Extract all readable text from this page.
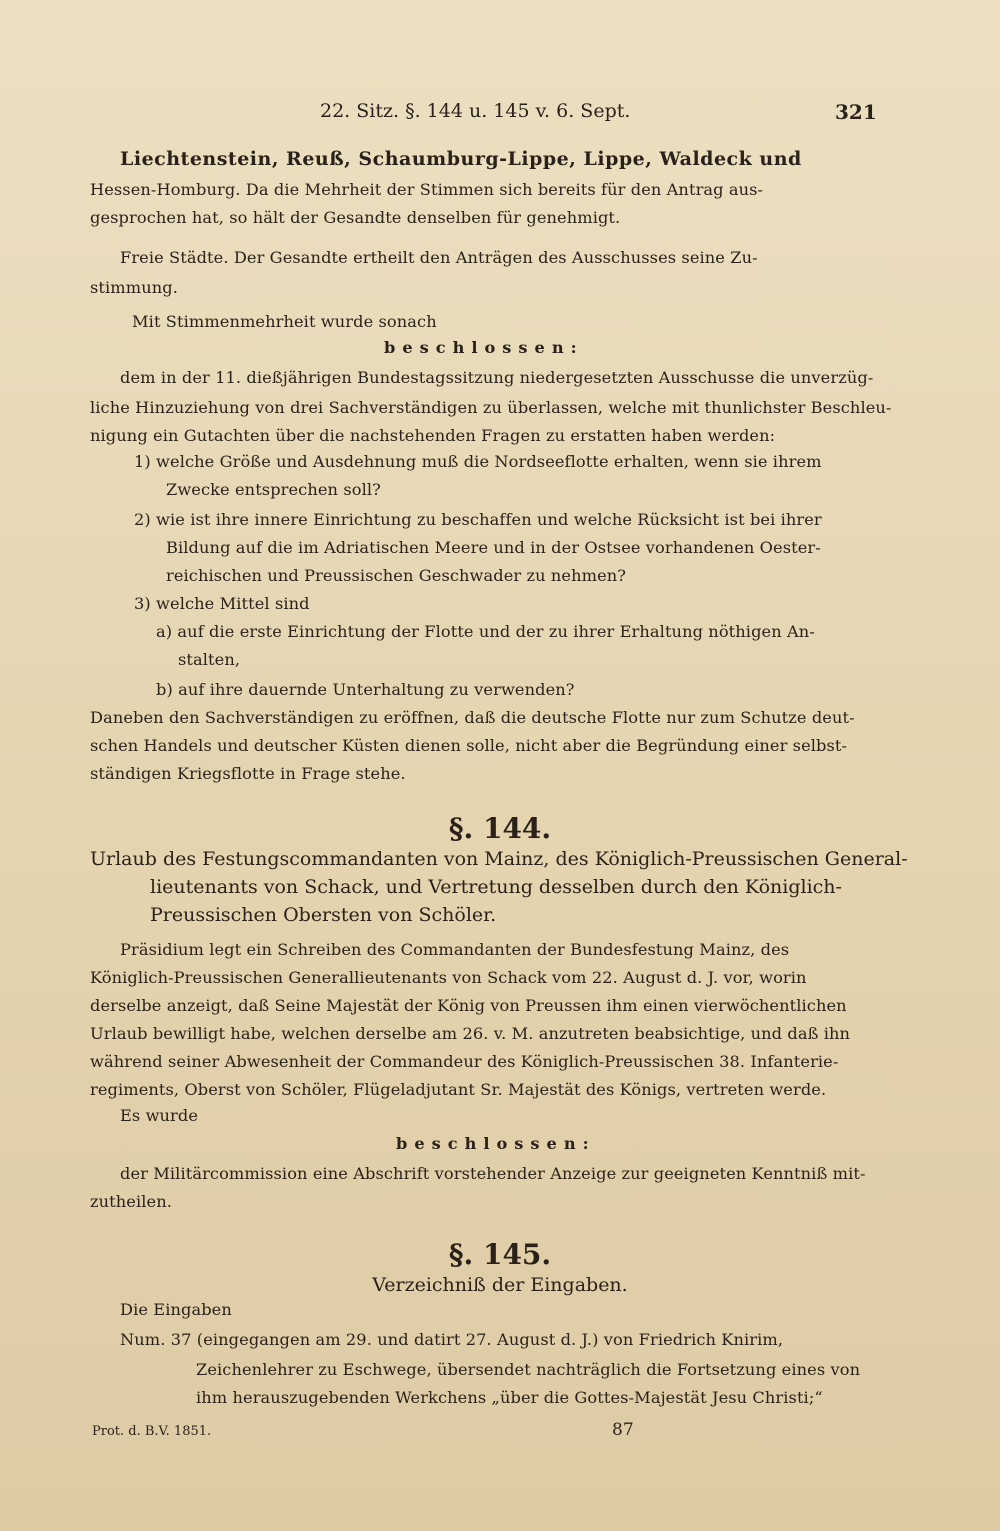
22. Sitz. §. 144 u. 145 v. 6. Sept.	321
Liechtenstein, Reuß, Schaumburg-Lippe, Lippe, Waldeck und
Hessen-Homburg. Da die Mehrheit der Stimmen sich bereits für den Antrag aus-
gesprochen hat, so hält der Gesandte denselben für genehmigt.
Freie Städte. Der Gesandte ertheilt den Anträgen des Ausschusses seine Zu-
stimmung.
Mit Stimmenmehrheit wurde sonach
beschlossen:
dem in der 11. dießjährigen Bundestagssitzung niedergesetzten Ausschusse die unverzüg-
liche Hinzuziehung von drei Sachverständigen zu überlassen, welche mit thunlichster Beschleu-
nigung ein Gutachten über die nachstehenden Fragen zu erstatten haben werden:
1) welche Größe und Ausdehnung muß die Nordseeflotte erhalten, wenn sie ihrem
Zwecke entsprechen soll?
2) wie ist ihre innere Einrichtung zu beschaffen und welche Rücksicht ist bei ihrer
Bildung auf die im Adriatischen Meere und in der Ostsee vorhandenen Oester-
reichischen und Preussischen Geschwader zu nehmen?
3) welche Mittel sind
a) auf die erste Einrichtung der Flotte und der zu ihrer Erhaltung nöthigen An-
stalten,
b) auf ihre dauernde Unterhaltung zu verwenden?
Daneben den Sachverständigen zu eröffnen, daß die deutsche Flotte nur zum Schutze deut-
schen Handels und deutscher Küsten dienen solle, nicht aber die Begründung einer selbst-
ständigen Kriegsflotte in Frage stehe.
§. 144.
Urlaub des Festungscommandanten von Mainz, des Königlich-Preussischen General-
lieutenants von Schack, und Vertretung desselben durch den Königlich-
Preussischen Obersten von Schöler.
Präsidium legt ein Schreiben des Commandanten der Bundesfestung Mainz, des
Königlich-Preussischen Generallieutenants von Schack vom 22. August d. J. vor, worin
derselbe anzeigt, daß Seine Majestät der König von Preussen ihm einen vierwöchentlichen
Urlaub bewilligt habe, welchen derselbe am 26. v. M. anzutreten beabsichtige, und daß ihn
während seiner Abwesenheit der Commandeur des Königlich-Preussischen 38. Infanterie-
regiments, Oberst von Schöler, Flügeladjutant Sr. Majestät des Königs, vertreten werde.
Es wurde
beschlossen:
der Militärcommission eine Abschrift vorstehender Anzeige zur geeigneten Kenntniß mit-
zutheilen.
§. 145.
Verzeichniß der Eingaben.
Die Eingaben
Num. 37 (eingegangen am 29. und datirt 27. August d. J.) von Friedrich Knirim,
Zeichenlehrer zu Eschwege, übersendet nachträglich die Fortsetzung eines von
ihm herauszugebenden Werkchens „über die Gottes-Majestät Jesu Christi;“
Prot. d. B.V. 1851.	87
